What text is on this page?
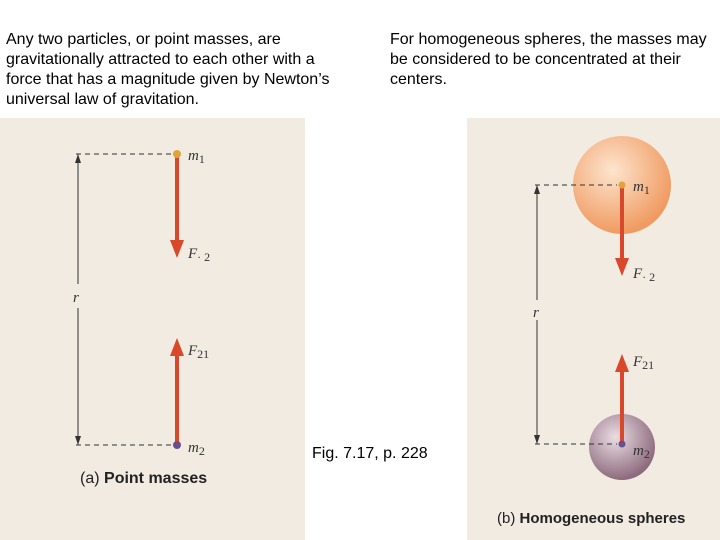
Any two particles, or point masses, are gravitationally attracted to each other with a force that has a magnitude given by Newton’s universal law of gravitation.

For homogeneous spheres, the masses may be considered to be concentrated at their centers.

r
$m_1$
$F_{\cdot 2}$
$F_{21}$
$m_2$
(a) Point masses
r
$m_1$
$F_{\cdot 2}$
$F_{21}$
$m_2$
(b) Homogeneous spheres
Fig. 7.17, p. 228
